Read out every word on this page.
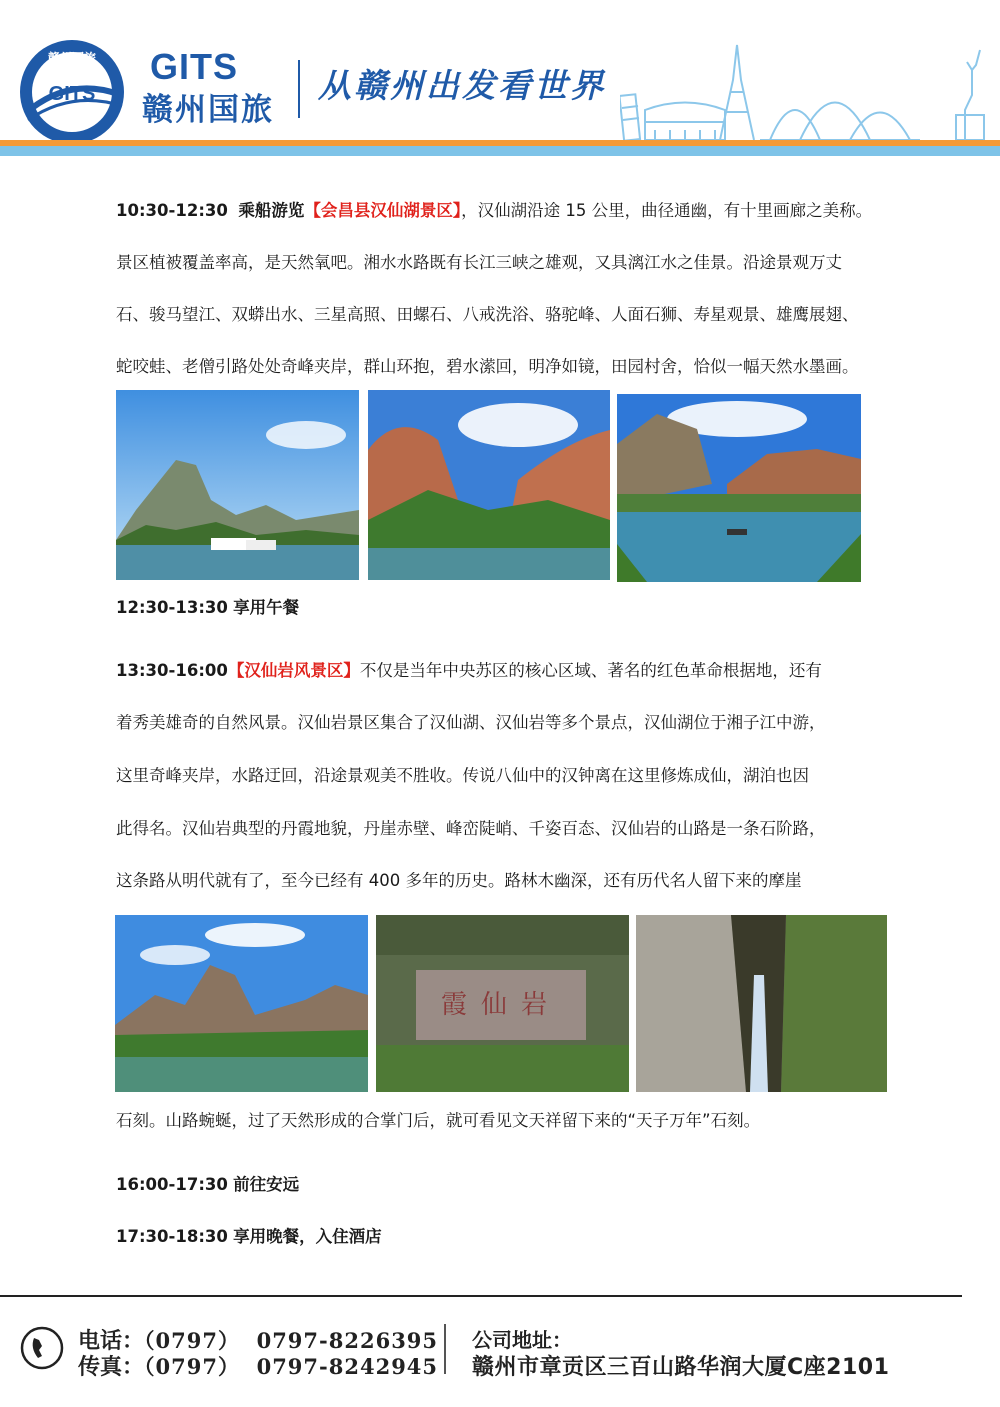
赣州国旅
GITS
GITS
赣州国旅
从赣州出发看世界
10:30-12:30 乘船游览【会昌县汉仙湖景区】，汉仙湖沿途 15 公里，曲径通幽，有十里画廊之美称。
景区植被覆盖率高，是天然氧吧。湘水水路既有长江三峡之雄观，又具漓江水之佳景。沿途景观万丈
石、骏马望江、双蟒出水、三星高照、田螺石、八戒洗浴、骆驼峰、人面石狮、寿星观景、雄鹰展翅、
蛇咬蛙、老僧引路处处奇峰夹岸，群山环抱，碧水潆回，明净如镜，田园村舍，恰似一幅天然水墨画。
12:30-13:30 享用午餐
13:30-16:00【汉仙岩风景区】不仅是当年中央苏区的核心区域、著名的红色革命根据地，还有
着秀美雄奇的自然风景。汉仙岩景区集合了汉仙湖、汉仙岩等多个景点，汉仙湖位于湘子江中游，
这里奇峰夹岸，水路迂回，沿途景观美不胜收。传说八仙中的汉钟离在这里修炼成仙，湖泊也因
此得名。汉仙岩典型的丹霞地貌，丹崖赤壁、峰峦陡峭、千姿百态、汉仙岩的山路是一条石阶路，
这条路从明代就有了，至今已经有 400 多年的历史。路林木幽深，还有历代名人留下来的摩崖
霞仙岩
石刻。山路蜿蜒，过了天然形成的合掌门后，就可看见文天祥留下来的“天子万年”石刻。
16:00-17:30 前往安远
17:30-18:30 享用晚餐，入住酒店
电话：（0797）  0797-8226395
传真：（0797）  0797-8242945
公司地址：
赣州市章贡区三百山路华润大厦C座2101
